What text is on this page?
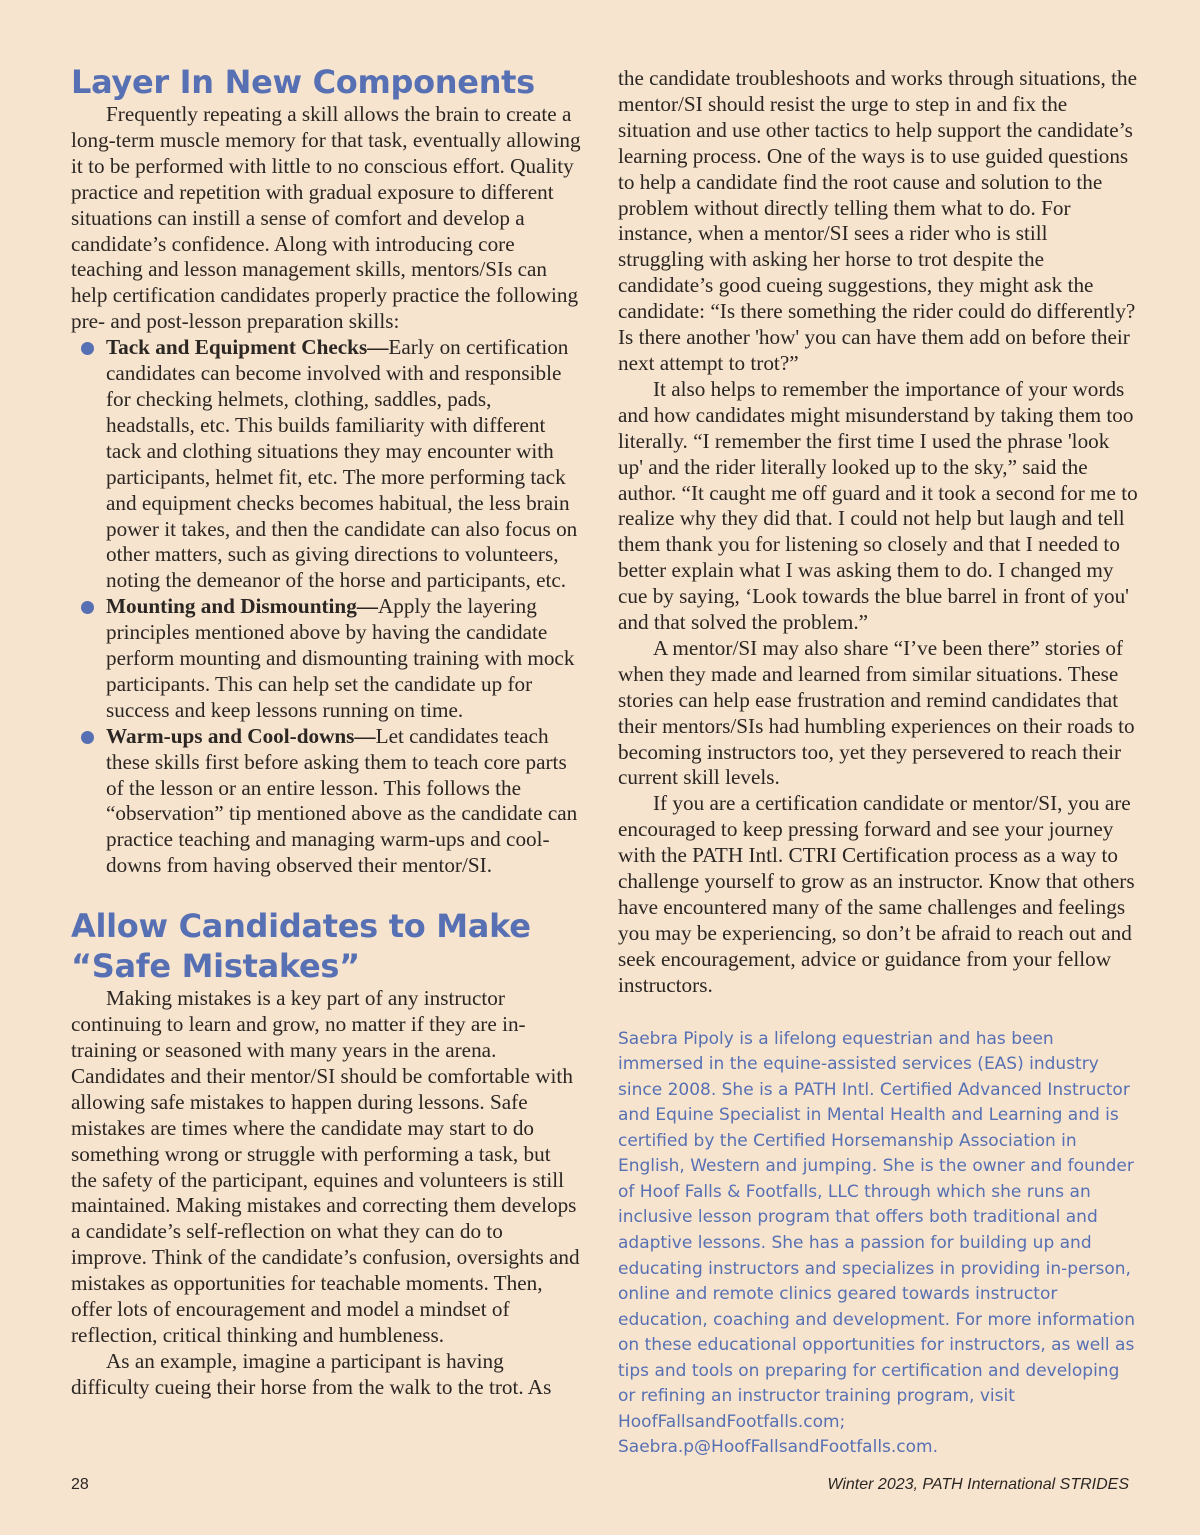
Layer In New Components

Frequently repeating a skill allows the brain to create a long-term muscle memory for that task, eventually allowing it to be performed with little to no conscious effort. Quality practice and repetition with gradual exposure to different situations can instill a sense of comfort and develop a candidate’s confidence. Along with introducing core teaching and lesson management skills, mentors/SIs can help certification candidates properly practice the following pre- and post-lesson preparation skills:

Tack and Equipment Checks—Early on certification candidates can become involved with and responsible for checking helmets, clothing, saddles, pads, headstalls, etc. This builds familiarity with different tack and clothing situations they may encounter with participants, helmet fit, etc. The more performing tack and equipment checks becomes habitual, the less brain power it takes, and then the candidate can also focus on other matters, such as giving directions to volunteers, noting the demeanor of the horse and participants, etc.
Mounting and Dismounting—Apply the layering principles mentioned above by having the candidate perform mounting and dismounting training with mock participants. This can help set the candidate up for success and keep lessons running on time.
Warm-ups and Cool-downs—Let candidates teach these skills first before asking them to teach core parts of the lesson or an entire lesson. This follows the “observation” tip mentioned above as the candidate can practice teaching and managing warm-ups and cool-downs from having observed their mentor/SI.
Allow Candidates to Make “Safe Mistakes”

Making mistakes is a key part of any instructor continuing to learn and grow, no matter if they are in-training or seasoned with many years in the arena. Candidates and their mentor/SI should be comfortable with allowing safe mistakes to happen during lessons. Safe mistakes are times where the candidate may start to do something wrong or struggle with performing a task, but the safety of the participant, equines and volunteers is still maintained. Making mistakes and correcting them develops a candidate’s self-reflection on what they can do to improve. Think of the candidate’s confusion, oversights and mistakes as opportunities for teachable moments. Then, offer lots of encouragement and model a mindset of reflection, critical thinking and humbleness.

As an example, imagine a participant is having difficulty cueing their horse from the walk to the trot. As

the candidate troubleshoots and works through situations, the mentor/SI should resist the urge to step in and fix the situation and use other tactics to help support the candidate’s learning process. One of the ways is to use guided questions to help a candidate find the root cause and solution to the problem without directly telling them what to do. For instance, when a mentor/SI sees a rider who is still struggling with asking her horse to trot despite the candidate’s good cueing suggestions, they might ask the candidate: “Is there something the rider could do differently? Is there another 'how' you can have them add on before their next attempt to trot?”

It also helps to remember the importance of your words and how candidates might misunderstand by taking them too literally. “I remember the first time I used the phrase 'look up' and the rider literally looked up to the sky,” said the author. “It caught me off guard and it took a second for me to realize why they did that. I could not help but laugh and tell them thank you for listening so closely and that I needed to better explain what I was asking them to do. I changed my cue by saying, ‘Look towards the blue barrel in front of you' and that solved the problem.”

A mentor/SI may also share “I’ve been there” stories of when they made and learned from similar situations. These stories can help ease frustration and remind candidates that their mentors/SIs had humbling experiences on their roads to becoming instructors too, yet they persevered to reach their current skill levels.

If you are a certification candidate or mentor/SI, you are encouraged to keep pressing forward and see your journey with the PATH Intl. CTRI Certification process as a way to challenge yourself to grow as an instructor. Know that others have encountered many of the same challenges and feelings you may be experiencing, so don’t be afraid to reach out and seek encouragement, advice or guidance from your fellow instructors.

Saebra Pipoly is a lifelong equestrian and has been immersed in the equine-assisted services (EAS) industry since 2008. She is a PATH Intl. Certified Advanced Instructor and Equine Specialist in Mental Health and Learning and is certified by the Certified Horsemanship Association in English, Western and jumping. She is the owner and founder of Hoof Falls & Footfalls, LLC through which she runs an inclusive lesson program that offers both traditional and adaptive lessons. She has a passion for building up and educating instructors and specializes in providing in-person, online and remote clinics geared towards instructor education, coaching and development. For more information on these educational opportunities for instructors, as well as tips and tools on preparing for certification and developing or refining an instructor training program, visit HoofFallsandFootfalls.com; Saebra.p@HoofFallsandFootfalls.com.
28	Winter 2023, PATH International STRIDES
